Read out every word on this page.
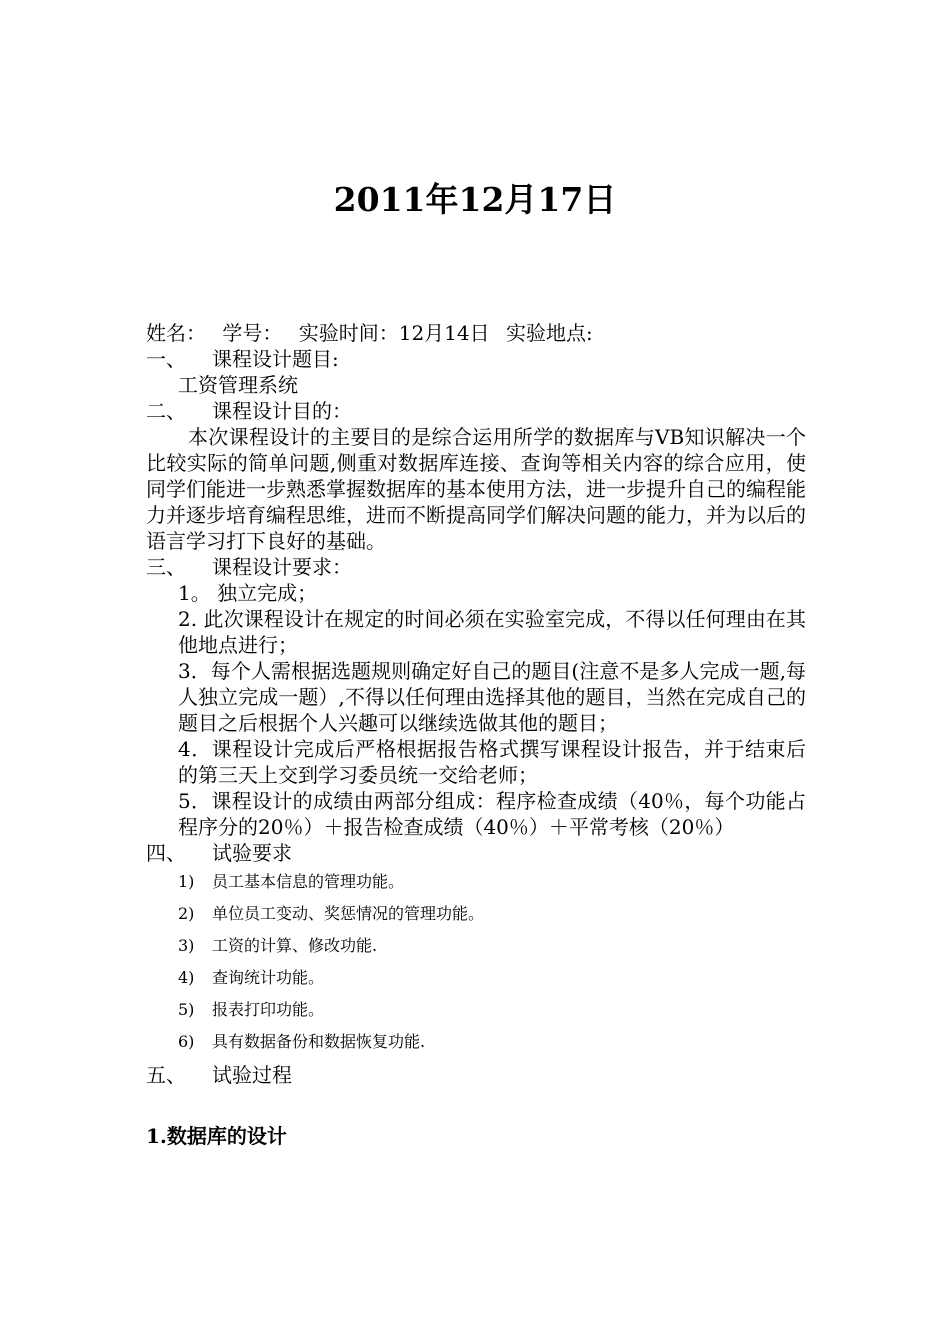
2011年12月17日
姓名： 学号： 实验时间：12月14日 实验地点:
一、 课程设计题目:
工资管理系统
二、 课程设计目的：
本次课程设计的主要目的是综合运用所学的数据库与VB知识解决一个比较实际的简单问题,侧重对数据库连接、查询等相关内容的综合应用，使同学们能进一步熟悉掌握数据库的基本使用方法，进一步提升自己的编程能力并逐步培育编程思维，进而不断提高同学们解决问题的能力，并为以后的语言学习打下良好的基础。
三、 课程设计要求：
1。 独立完成；
2. 此次课程设计在规定的时间必须在实验室完成，不得以任何理由在其他地点进行；
3．每个人需根据选题规则确定好自己的题目(注意不是多人完成一题,每人独立完成一题）,不得以任何理由选择其他的题目，当然在完成自己的题目之后根据个人兴趣可以继续选做其他的题目；
4．课程设计完成后严格根据报告格式撰写课程设计报告，并于结束后的第三天上交到学习委员统一交给老师；
5．课程设计的成绩由两部分组成：程序检查成绩（40％，每个功能占程序分的20％）＋报告检查成绩（40％）＋平常考核（20％）
四、 试验要求
1) 员工基本信息的管理功能。
2) 单位员工变动、奖惩情况的管理功能。
3) 工资的计算、修改功能.
4) 查询统计功能。
5) 报表打印功能。
6) 具有数据备份和数据恢复功能.
五、 试验过程
1.数据库的设计
